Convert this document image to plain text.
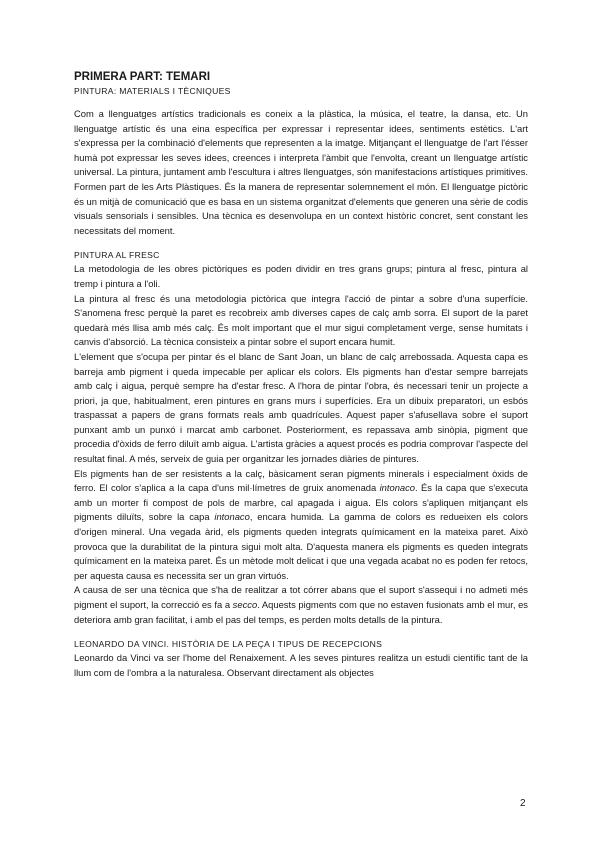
PRIMERA PART: TEMARI
PINTURA: MATERIALS I TÈCNIQUES

Com a llenguatges artístics tradicionals es coneix a la plàstica, la música, el teatre, la dansa, etc. Un llenguatge artístic és una eina específica per expressar i representar idees, sentiments estètics. L'art s'expressa per la combinació d'elements que representen a la imatge. Mitjançant el llenguatge de l'art l'ésser humà pot expressar les seves idees, creences i interpreta l'àmbit que l'envolta, creant un llenguatge artístic universal. La pintura, juntament amb l'escultura i altres llenguatges, són manifestacions artístiques primitives. Formen part de les Arts Plàstiques. És la manera de representar solemnement el món. El llenguatge pictòric és un mitjà de comunicació que es basa en un sistema organitzat d'elements que generen una sèrie de codis visuals sensorials i sensibles. Una tècnica es desenvolupa en un context històric concret, sent constant les necessitats del moment.

PINTURA AL FRESC

La metodologia de les obres pictòriques es poden dividir en tres grans grups; pintura al fresc, pintura al tremp i pintura a l'oli.

La pintura al fresc és una metodologia pictòrica que integra l'acció de pintar a sobre d'una superfície. S'anomena fresc perquè la paret es recobreix amb diverses capes de calç amb sorra. El suport de la paret quedarà més llisa amb més calç. És molt important que el mur sigui completament verge, sense humitats i canvis d'absorció. La tècnica consisteix a pintar sobre el suport encara humit.

L'element que s'ocupa per pintar és el blanc de Sant Joan, un blanc de calç arrebossada. Aquesta capa es barreja amb pigment i queda impecable per aplicar els colors. Els pigments han d'estar sempre barrejats amb calç i aigua, perquè sempre ha d'estar fresc. A l'hora de pintar l'obra, és necessari tenir un projecte a priori, ja que, habitualment, eren pintures en grans murs i superfícies. Era un dibuix preparatori, un esbós traspassat a papers de grans formats reals amb quadrícules. Aquest paper s'afusellava sobre el suport punxant amb un punxó i marcat amb carbonet. Posteriorment, es repassava amb sinòpia, pigment que procedia d'òxids de ferro diluït amb aigua. L'artista gràcies a aquest procés es podria comprovar l'aspecte del resultat final. A més, serveix de guia per organitzar les jornades diàries de pintures.

Els pigments han de ser resistents a la calç, bàsicament seran pigments minerals i especialment òxids de ferro. El color s'aplica a la capa d'uns mil·límetres de gruix anomenada intonaco. És la capa que s'executa amb un morter fi compost de pols de marbre, cal apagada i aigua. Els colors s'apliquen mitjançant els pigments diluïts, sobre la capa intonaco, encara humida. La gamma de colors es redueixen els colors d'origen mineral. Una vegada àrid, els pigments queden integrats químicament en la mateixa paret. Això provoca que la durabilitat de la pintura sigui molt alta. D'aquesta manera els pigments es queden integrats químicament en la mateixa paret. És un mètode molt delicat i que una vegada acabat no es poden fer retocs, per aquesta causa es necessita ser un gran virtuós.

A causa de ser una tècnica que s'ha de realitzar a tot córrer abans que el suport s'assequi i no admeti més pigment el suport, la correcció es fa a secco. Aquests pigments com que no estaven fusionats amb el mur, es deteriora amb gran facilitat, i amb el pas del temps, es perden molts detalls de la pintura.

LEONARDO DA VINCI. HISTÒRIA DE LA PEÇA I TIPUS DE RECEPCIONS

Leonardo da Vinci va ser l'home del Renaixement. A les seves pintures realitza un estudi científic tant de la llum com de l'ombra a la naturalesa. Observant directament als objectes

2
